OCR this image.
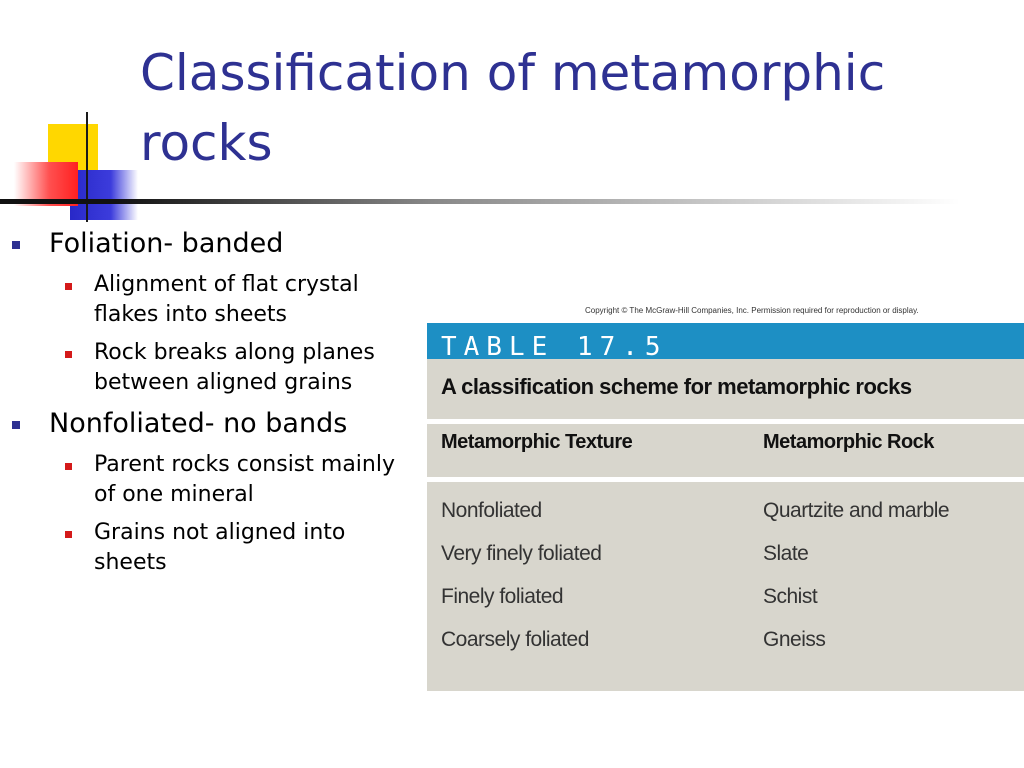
Classification of metamorphic
rocks
Foliation- banded
Alignment of flat crystal flakes into sheets
Rock breaks along planes between aligned grains
Nonfoliated- no bands
Parent rocks consist mainly of one mineral
Grains not aligned into sheets
Copyright © The McGraw-Hill Companies, Inc. Permission required for reproduction or display.
TABLE 17.5
A classification scheme for metamorphic rocks
Metamorphic Texture	Metamorphic Rock
Nonfoliated	Quartzite and marble
Very finely foliated	Slate
Finely foliated	Schist
Coarsely foliated	Gneiss
